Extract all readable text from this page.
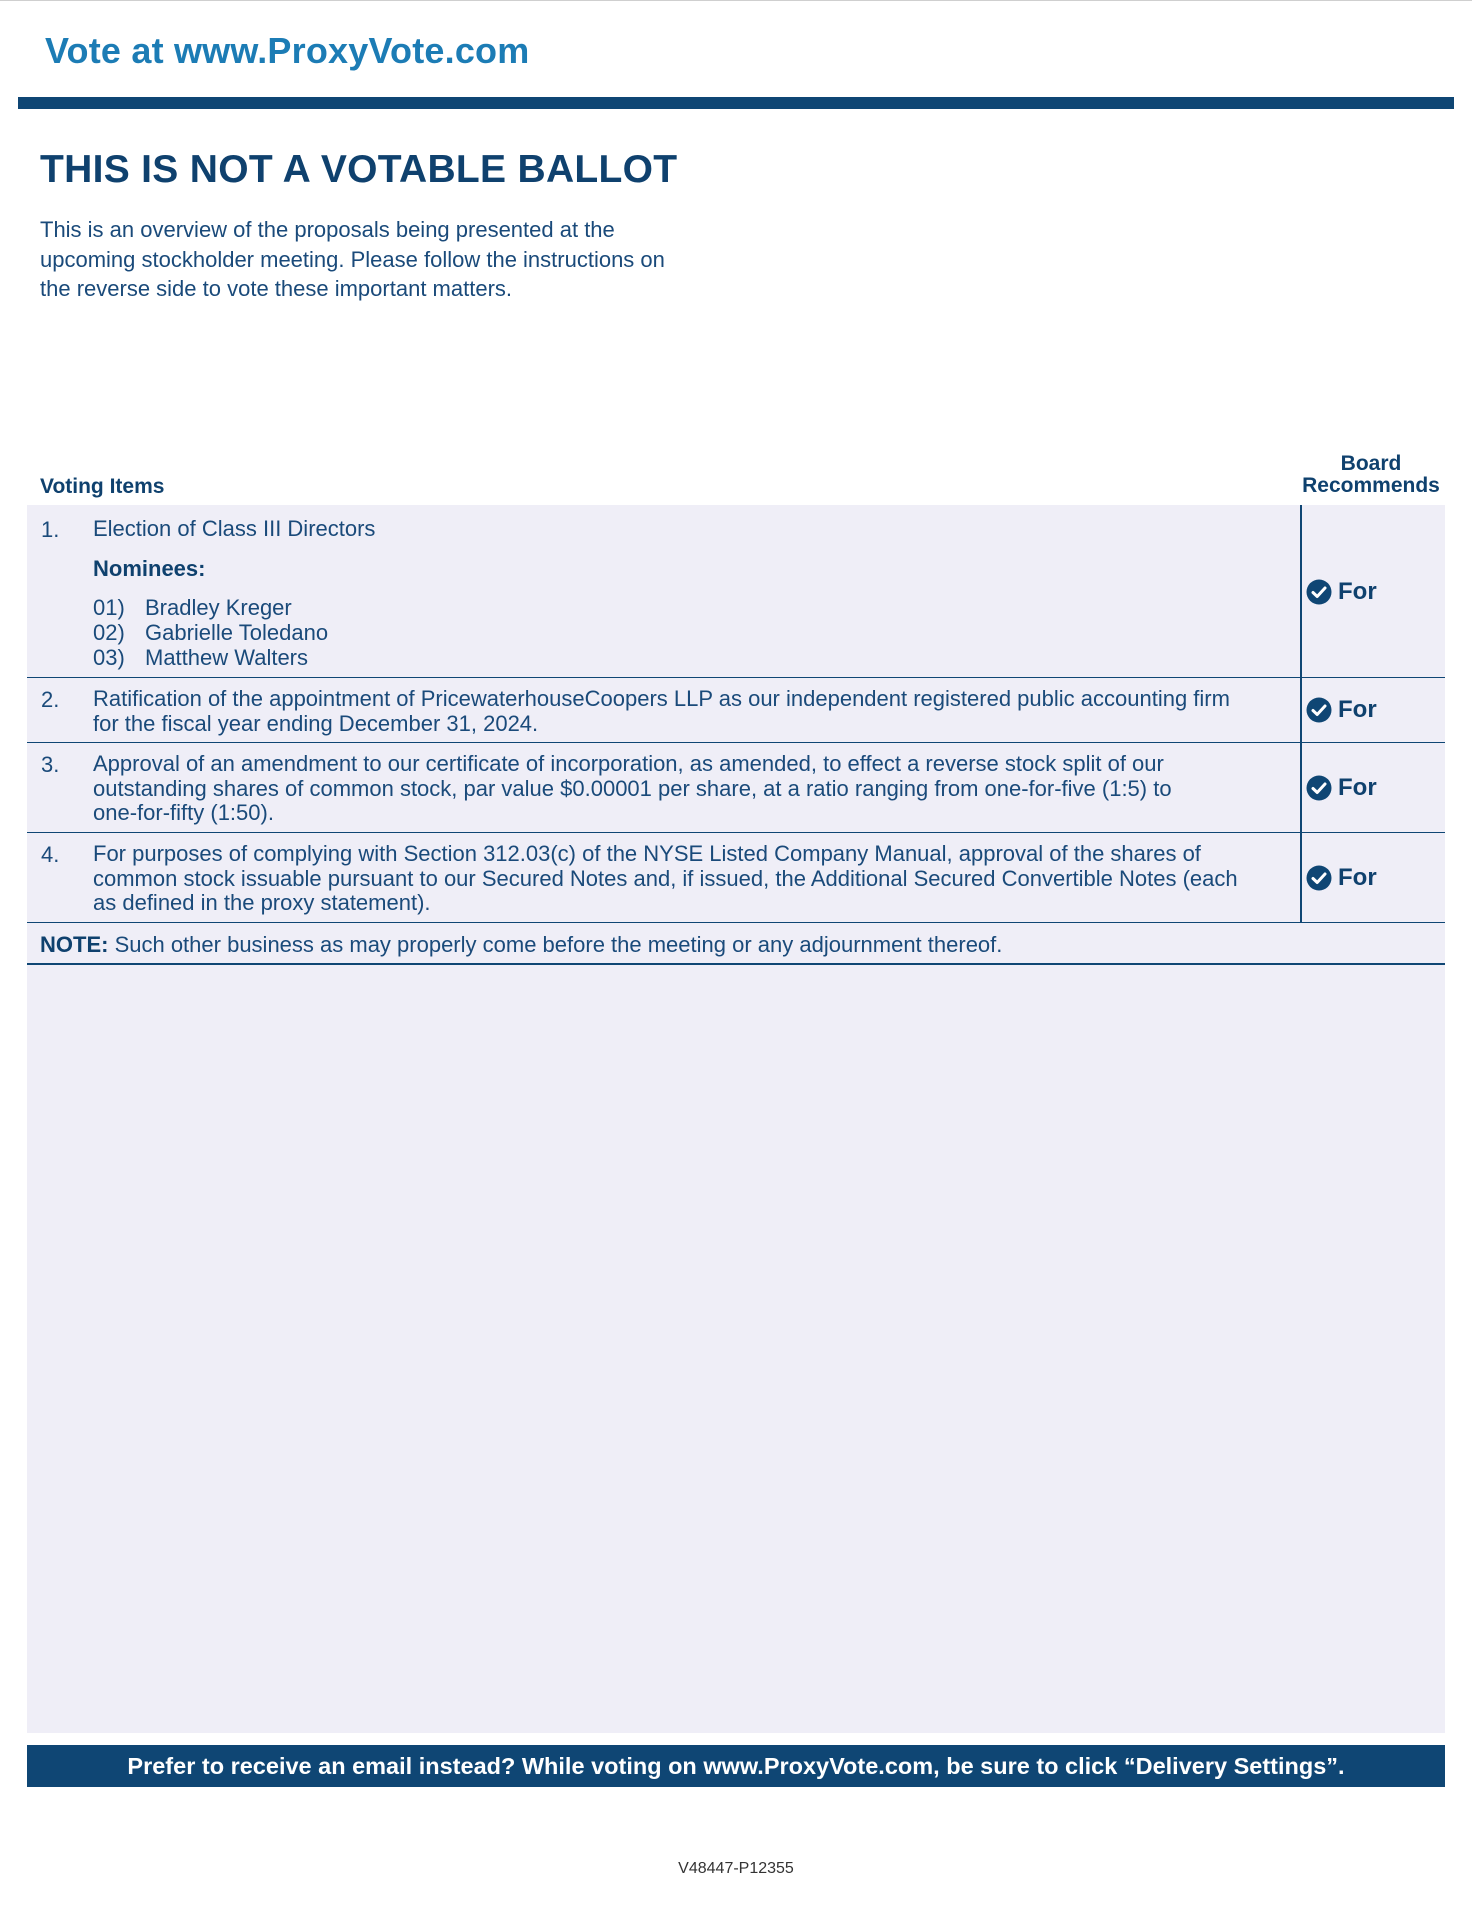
Vote at www.ProxyVote.com
THIS IS NOT A VOTABLE BALLOT
This is an overview of the proposals being presented at the
upcoming stockholder meeting. Please follow the instructions on
the reverse side to vote these important matters.
Voting Items
Board
Recommends
1. Election of Class III Directors
Nominees:
01) Bradley Kreger
02) Gabrielle Toledano
03) Matthew Walters
For
2. Ratification of the appointment of PricewaterhouseCoopers LLP as our independent registered public accounting firm
for the fiscal year ending December 31, 2024.	For
3. Approval of an amendment to our certificate of incorporation, as amended, to effect a reverse stock split of our
outstanding shares of common stock, par value $0.00001 per share, at a ratio ranging from one-for-five (1:5) to
one-for-fifty (1:50).
For
4. For purposes of complying with Section 312.03(c) of the NYSE Listed Company Manual, approval of the shares of
common stock issuable pursuant to our Secured Notes and, if issued, the Additional Secured Convertible Notes (each
as defined in the proxy statement).
For
NOTE: Such other business as may properly come before the meeting or any adjournment thereof.
Prefer to receive an email instead? While voting on www.ProxyVote.com, be sure to click “Delivery Settings”.
V48447-P12355
